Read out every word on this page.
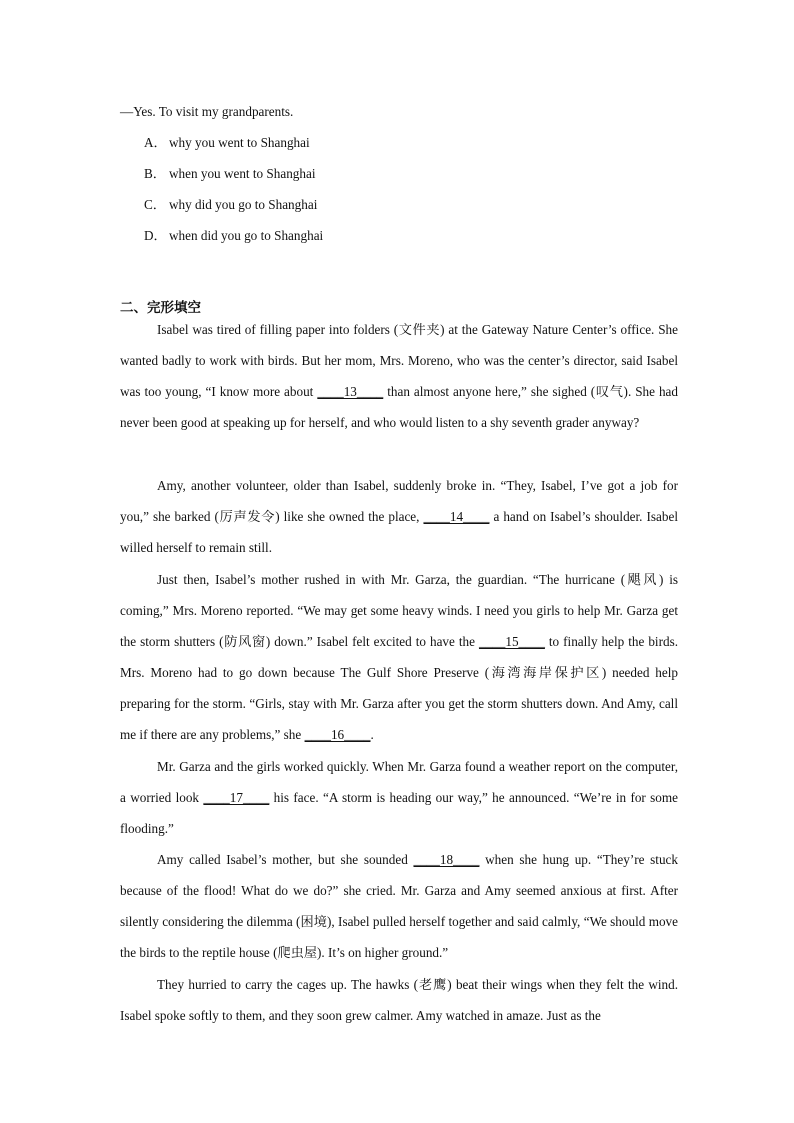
—Yes. To visit my grandparents.
A． why you went to Shanghai
B． when you went to Shanghai
C． why did you go to Shanghai
D． when did you go to Shanghai
二、完形填空
Isabel was tired of filling paper into folders (文件夹) at the Gateway Nature Center’s office. She wanted badly to work with birds. But her mom, Mrs. Moreno, who was the center’s director, said Isabel was too young, “I know more about ____13____ than almost anyone here,” she sighed (叹气). She had never been good at speaking up for herself, and who would listen to a shy seventh grader anyway?
Amy, another volunteer, older than Isabel, suddenly broke in. “They, Isabel, I’ve got a job for you,” she barked (厉声发令) like she owned the place, ____14____ a hand on Isabel’s shoulder. Isabel willed herself to remain still.
Just then, Isabel’s mother rushed in with Mr. Garza, the guardian. “The hurricane (飓风) is coming,” Mrs. Moreno reported. “We may get some heavy winds. I need you girls to help Mr. Garza get the storm shutters (防风窗) down.” Isabel felt excited to have the ____15____ to finally help the birds. Mrs. Moreno had to go down because The Gulf Shore Preserve (海湾海岸保护区) needed help preparing for the storm. “Girls, stay with Mr. Garza after you get the storm shutters down. And Amy, call me if there are any problems,” she ____16____.
Mr. Garza and the girls worked quickly. When Mr. Garza found a weather report on the computer, a worried look ____17____ his face. “A storm is heading our way,” he announced. “We’re in for some flooding.”
Amy called Isabel’s mother, but she sounded ____18____ when she hung up. “They’re stuck because of the flood! What do we do?” she cried. Mr. Garza and Amy seemed anxious at first. After silently considering the dilemma (困境), Isabel pulled herself together and said calmly, “We should move the birds to the reptile house (爬虫屋). It’s on higher ground.”
They hurried to carry the cages up. The hawks (老鹰) beat their wings when they felt the wind. Isabel spoke softly to them, and they soon grew calmer. Amy watched in amaze. Just as the
